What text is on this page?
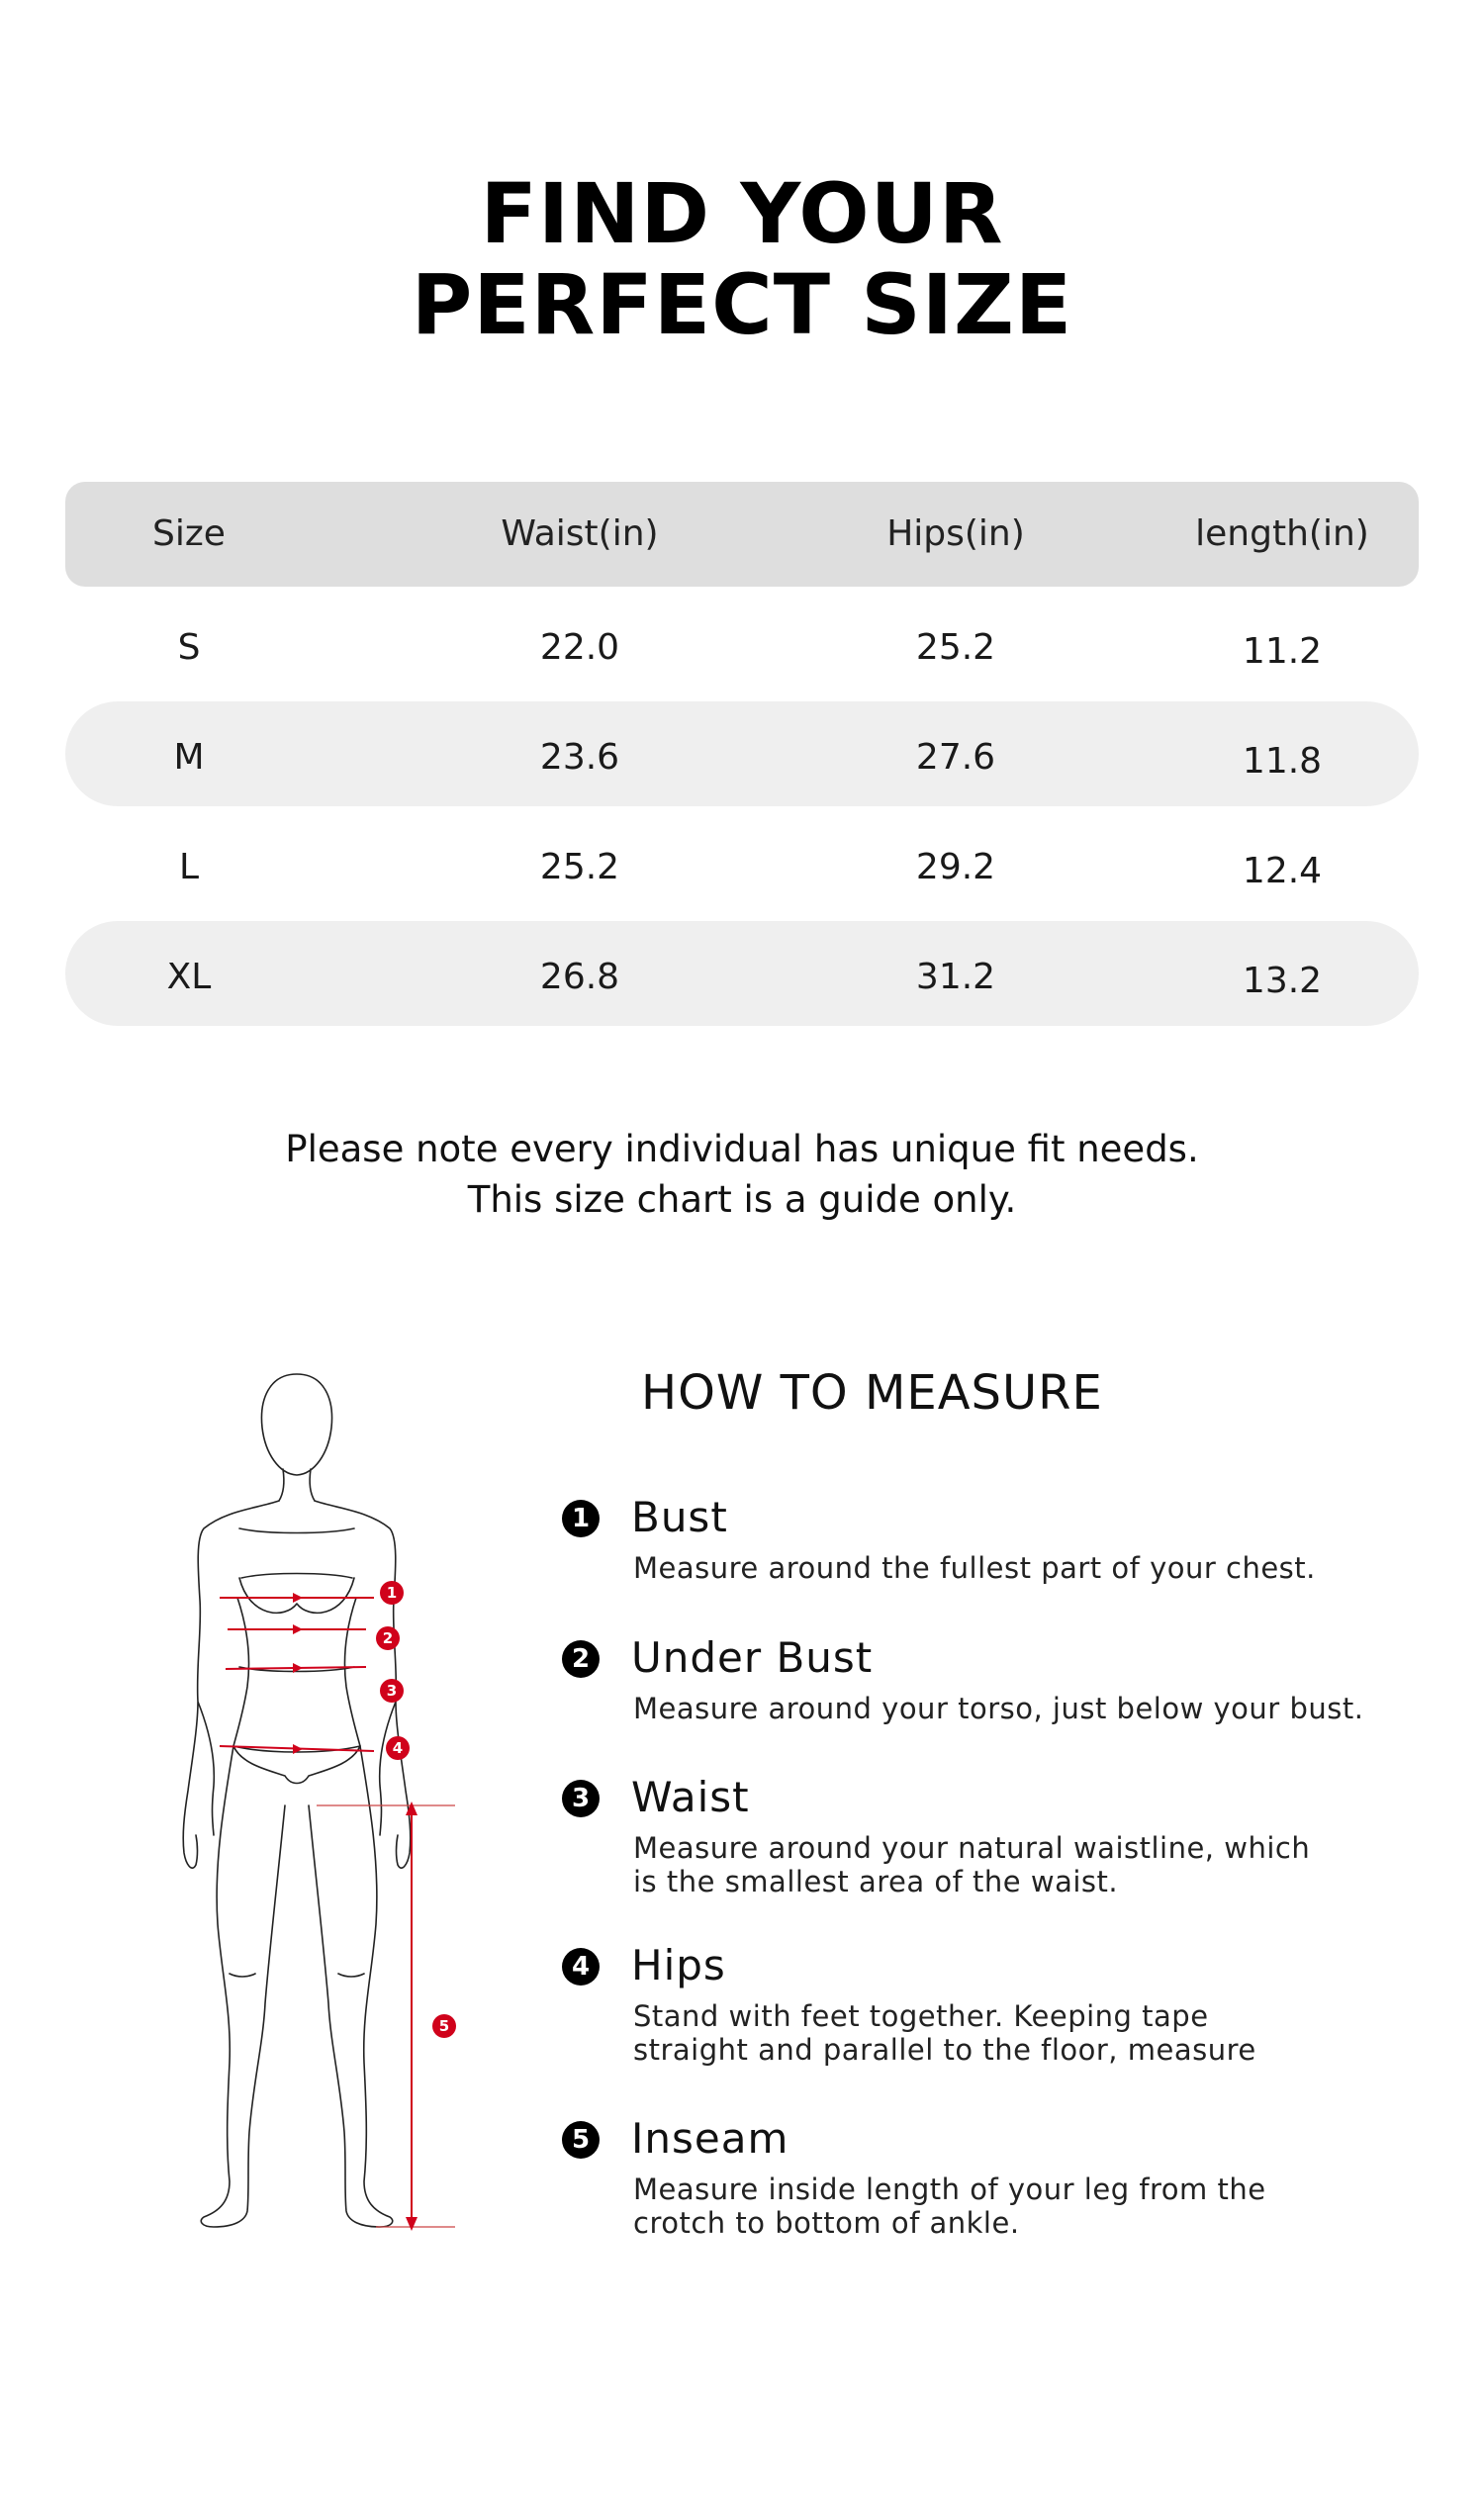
FIND YOUR
PERFECT SIZE
Size	Waist(in)	Hips(in)	length(in)
S	22.0	25.2	11.2
M	23.6	27.6	11.8
L	25.2	29.2	12.4
XL	26.8	31.2	13.2
Please note every individual has unique fit needs.
This size chart is a guide only.
1
2
3
4
5
HOW TO MEASURE
1 Bust
Measure around the fullest part of your chest.
2 Under Bust
Measure around your torso, just below your bust.
3 Waist
Measure around your natural waistline, which
is the smallest area of the waist.
4 Hips
Stand with feet together. Keeping tape
straight and parallel to the floor, measure
5 Inseam
Measure inside length of your leg from the
crotch to bottom of ankle.
